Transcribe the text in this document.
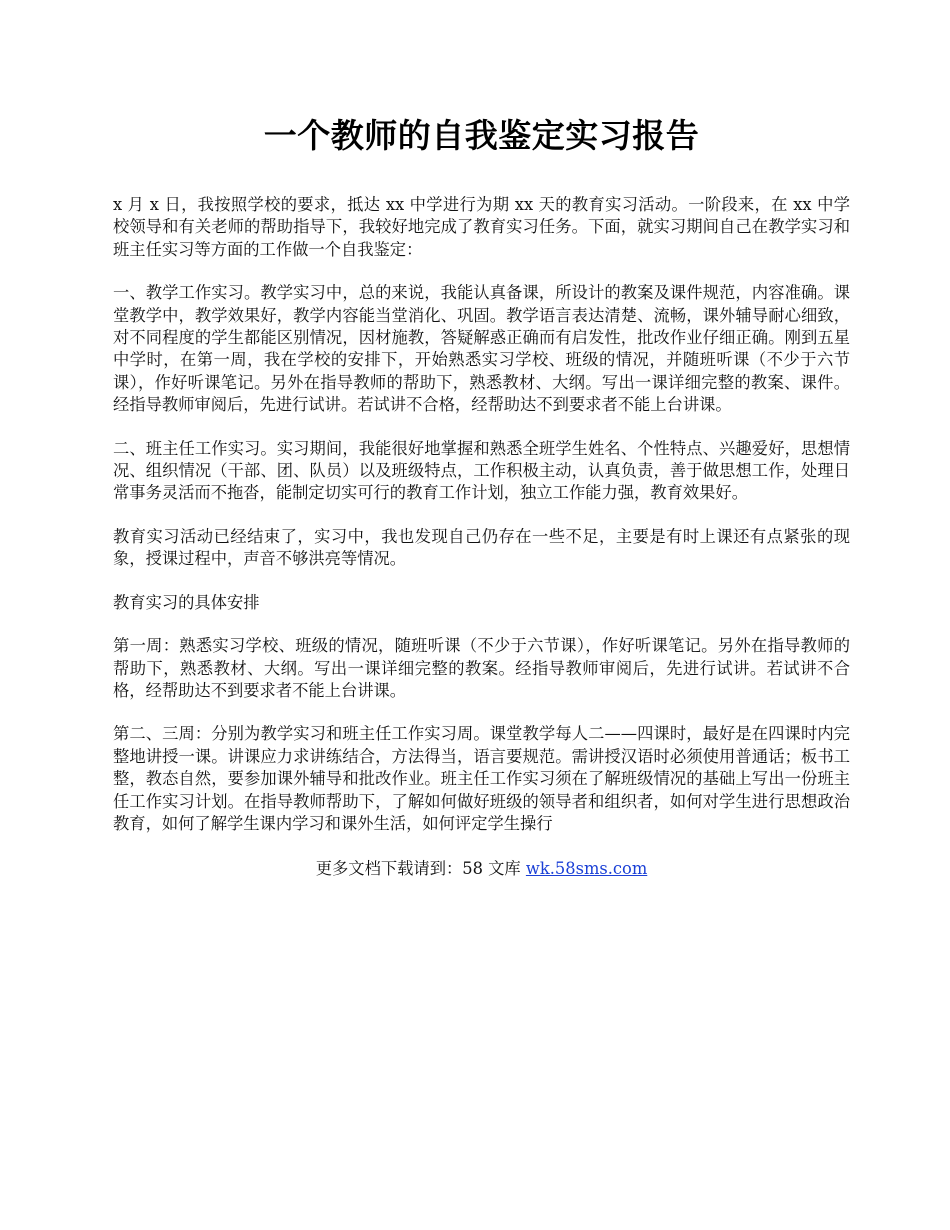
一个教师的自我鉴定实习报告

x 月 x 日，我按照学校的要求，抵达 xx 中学进行为期 xx 天的教育实习活动。一阶段来，在 xx 中学校领导和有关老师的帮助指导下，我较好地完成了教育实习任务。下面，就实习期间自己在教学实习和班主任实习等方面的工作做一个自我鉴定：

一、教学工作实习。教学实习中，总的来说，我能认真备课，所设计的教案及课件规范，内容准确。课堂教学中，教学效果好，教学内容能当堂消化、巩固。教学语言表达清楚、流畅，课外辅导耐心细致，对不同程度的学生都能区别情况，因材施教，答疑解惑正确而有启发性，批改作业仔细正确。刚到五星中学时，在第一周，我在学校的安排下，开始熟悉实习学校、班级的情况，并随班听课（不少于六节课），作好听课笔记。另外在指导教师的帮助下，熟悉教材、大纲。写出一课详细完整的教案、课件。经指导教师审阅后，先进行试讲。若试讲不合格，经帮助达不到要求者不能上台讲课。

二、班主任工作实习。实习期间，我能很好地掌握和熟悉全班学生姓名、个性特点、兴趣爱好，思想情况、组织情况（干部、团、队员）以及班级特点，工作积极主动，认真负责，善于做思想工作，处理日常事务灵活而不拖沓，能制定切实可行的教育工作计划，独立工作能力强，教育效果好。

教育实习活动已经结束了，实习中，我也发现自己仍存在一些不足，主要是有时上课还有点紧张的现象，授课过程中，声音不够洪亮等情况。

教育实习的具体安排

第一周：熟悉实习学校、班级的情况，随班听课（不少于六节课），作好听课笔记。另外在指导教师的帮助下，熟悉教材、大纲。写出一课详细完整的教案。经指导教师审阅后，先进行试讲。若试讲不合格，经帮助达不到要求者不能上台讲课。

第二、三周：分别为教学实习和班主任工作实习周。课堂教学每人二——四课时，最好是在四课时内完整地讲授一课。讲课应力求讲练结合，方法得当，语言要规范。需讲授汉语时必须使用普通话；板书工整，教态自然，要参加课外辅导和批改作业。班主任工作实习须在了解班级情况的基础上写出一份班主任工作实习计划。在指导教师帮助下，了解如何做好班级的领导者和组织者，如何对学生进行思想政治教育，如何了解学生课内学习和课外生活，如何评定学生操行

更多文档下载请到：58 文库 wk.58sms.com
